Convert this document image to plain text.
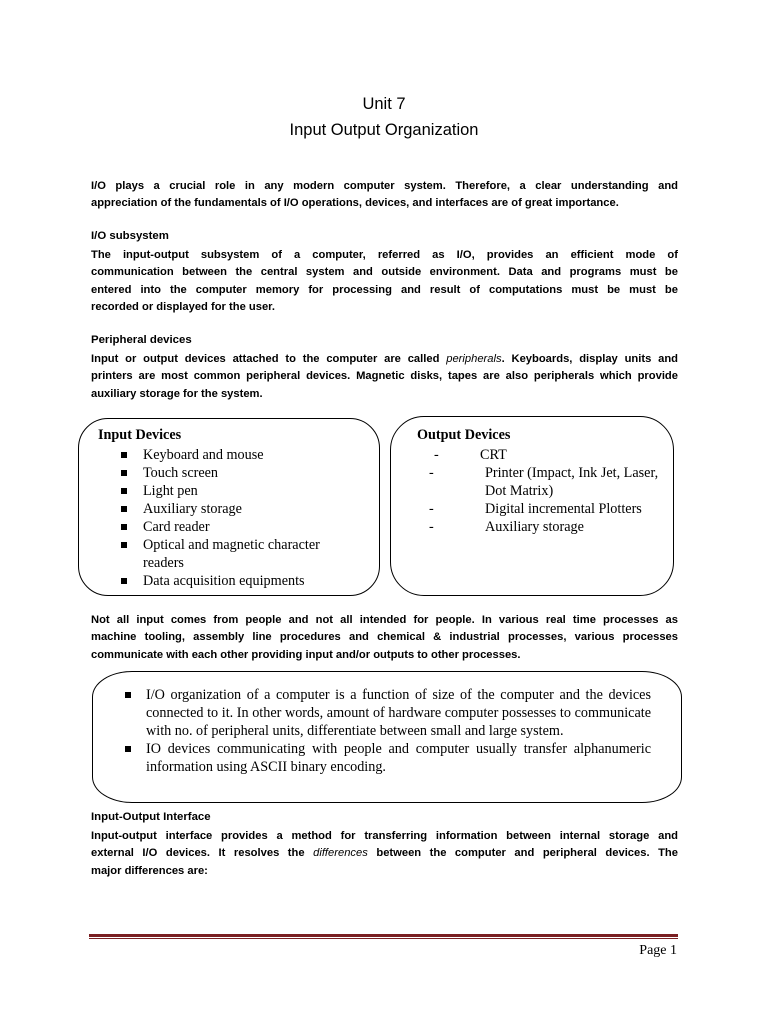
Unit 7
Input Output Organization
I/O plays a crucial role in any modern computer system. Therefore, a clear understanding and
appreciation of the fundamentals of I/O operations, devices, and interfaces are of great importance.
I/O subsystem
The input-output subsystem of a computer, referred as I/O, provides an efficient mode of
communication between the central system and outside environment. Data and programs must be
entered into the computer memory for processing and result of computations must be must be
recorded or displayed for the user.
Peripheral devices
Input or output devices attached to the computer are called peripherals. Keyboards, display units and
printers are most common peripheral devices. Magnetic disks, tapes are also peripherals which provide
auxiliary storage for the system.
Input Devices
Keyboard and mouse
Touch screen
Light pen
Auxiliary storage
Card reader
Optical and magnetic character readers
Data acquisition equipments
Output Devices
-	CRT
-	Printer (Impact, Ink Jet, Laser, Dot Matrix)
-	Digital incremental Plotters
-	Auxiliary storage
Not all input comes from people and not all intended for people. In various real time processes as
machine tooling, assembly line procedures and chemical & industrial processes, various processes
communicate with each other providing input and/or outputs to other processes.
I/O organization of a computer is a function of size of the computer and the devices connected to it. In other words, amount of hardware computer possesses to communicate with no. of peripheral units, differentiate between small and large system.
IO devices communicating with people and computer usually transfer alphanumeric information using ASCII binary encoding.
Input-Output Interface
Input-output interface provides a method for transferring information between internal storage and
external I/O devices. It resolves the differences between the computer and peripheral devices. The
major differences are:
Page 1
